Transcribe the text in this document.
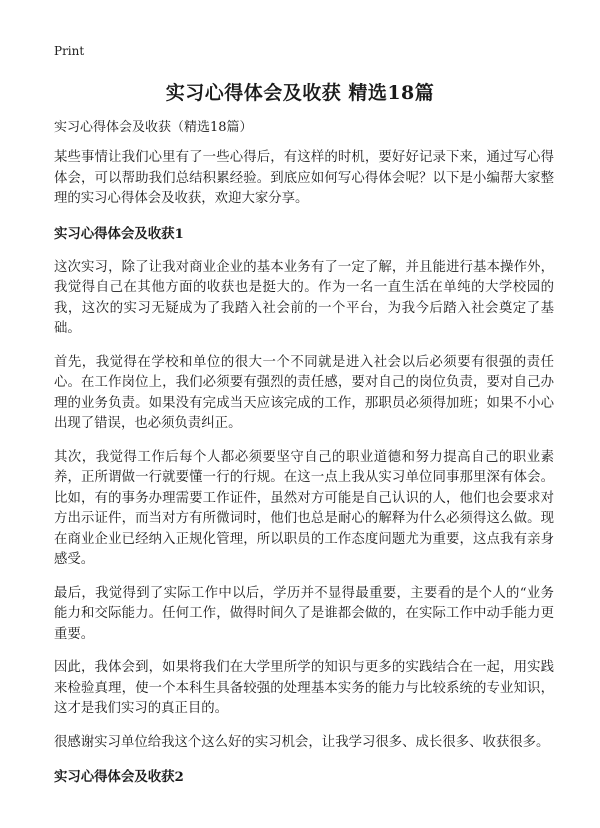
Print
实习心得体会及收获 精选18篇
实习心得体会及收获（精选18篇）

某些事情让我们心里有了一些心得后，有这样的时机，要好好记录下来，通过写心得体会，可以帮助我们总结积累经验。到底应如何写心得体会呢？以下是小编帮大家整理的实习心得体会及收获，欢迎大家分享。

实习心得体会及收获1

这次实习，除了让我对商业企业的基本业务有了一定了解，并且能进行基本操作外，我觉得自己在其他方面的收获也是挺大的。作为一名一直生活在单纯的大学校园的我，这次的实习无疑成为了我踏入社会前的一个平台，为我今后踏入社会奠定了基础。

首先，我觉得在学校和单位的很大一个不同就是进入社会以后必须要有很强的责任心。在工作岗位上，我们必须要有强烈的责任感，要对自己的岗位负责，要对自己办理的业务负责。如果没有完成当天应该完成的工作，那职员必须得加班；如果不小心出现了错误，也必须负责纠正。

其次，我觉得工作后每个人都必须要坚守自己的职业道德和努力提高自己的职业素养，正所谓做一行就要懂一行的行规。在这一点上我从实习单位同事那里深有体会。比如，有的事务办理需要工作证件，虽然对方可能是自己认识的人，他们也会要求对方出示证件，而当对方有所微词时，他们也总是耐心的解释为什么必须得这么做。现在商业企业已经纳入正规化管理，所以职员的工作态度问题尤为重要，这点我有亲身感受。

最后，我觉得到了实际工作中以后，学历并不显得最重要，主要看的是个人的“业务能力和交际能力。任何工作，做得时间久了是谁都会做的，在实际工作中动手能力更重要。

因此，我体会到，如果将我们在大学里所学的知识与更多的实践结合在一起，用实践来检验真理，使一个本科生具备较强的处理基本实务的能力与比较系统的专业知识，这才是我们实习的真正目的。

很感谢实习单位给我这个这么好的实习机会，让我学习很多、成长很多、收获很多。

实习心得体会及收获2
